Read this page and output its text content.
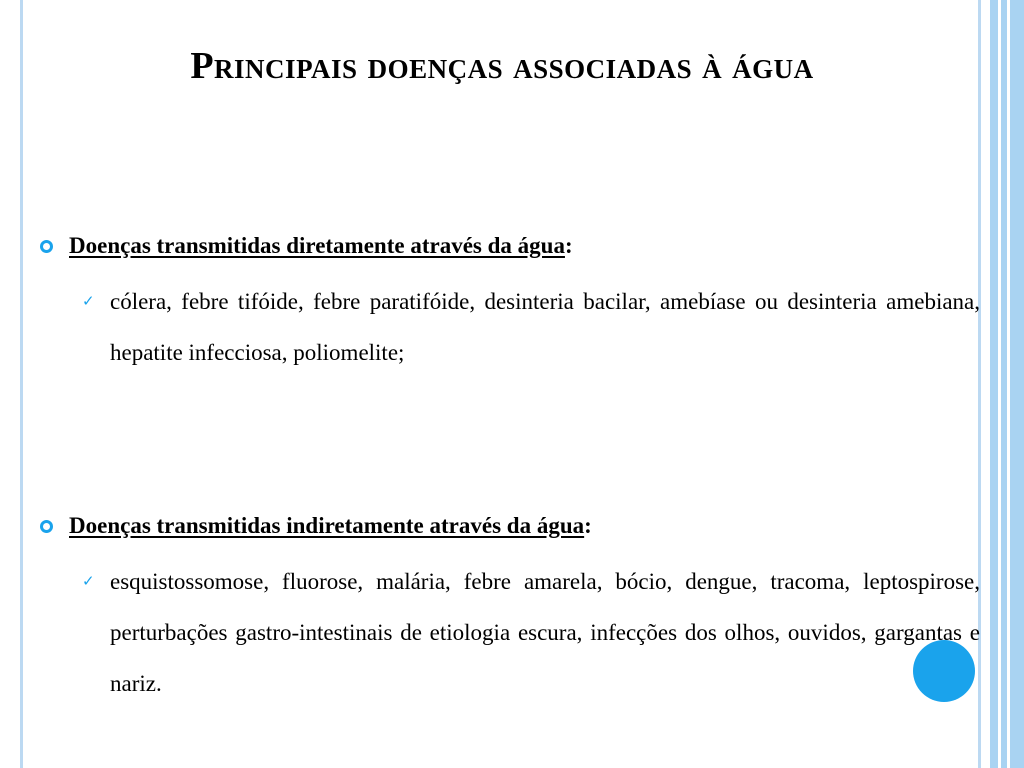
Principais doenças associadas à água
Doenças transmitidas diretamente através da água:
✓ cólera, febre tifóide, febre paratifóide, desinteria bacilar, amebíase ou desinteria amebiana, hepatite infecciosa, poliomelite;
Doenças transmitidas indiretamente através da água:
✓ esquistossomose, fluorose, malária, febre amarela, bócio, dengue, tracoma, leptospirose, perturbações gastro-intestinais de etiologia escura, infecções dos olhos, ouvidos, gargantas e nariz.
